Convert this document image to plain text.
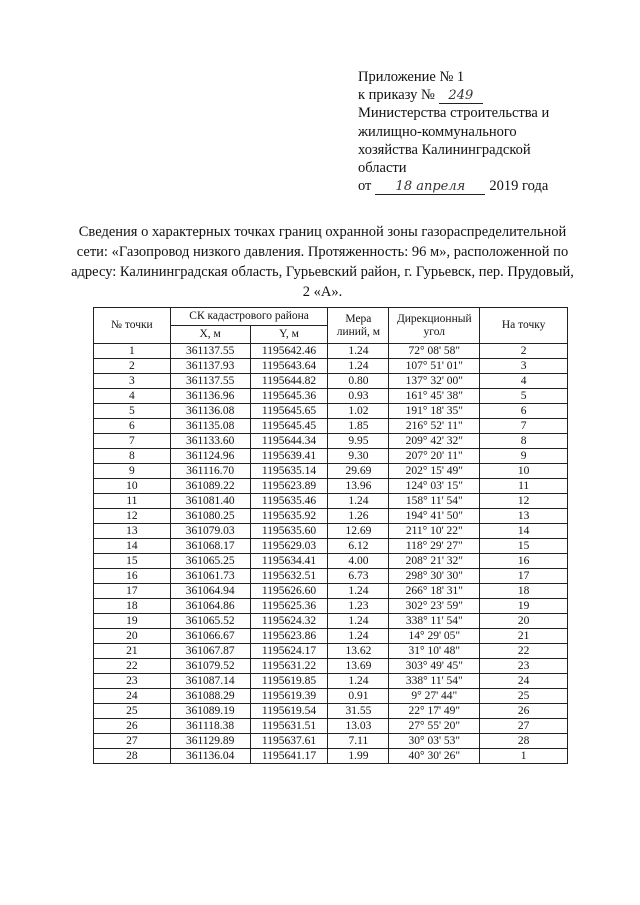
Приложение № 1
к приказу № 249
Министерства строительства и
жилищно-коммунального
хозяйства Калининградской
области
от 18 апреля 2019 года
Сведения о характерных точках границ охранной зоны газораспределительной сети: «Газопровод низкого давления. Протяженность: 96 м», расположенной по адресу: Калининградская область, Гурьевский район, г. Гурьевск, пер. Прудовый, 2 «А».
№ точки	СК кадастрового района		Мера линий, м	Дирекционный угол	На точку
	X, м	Y, м			
1	361137.55	1195642.46	1.24	72° 08' 58"	2
2	361137.93	1195643.64	1.24	107° 51' 01"	3
3	361137.55	1195644.82	0.80	137° 32' 00"	4
4	361136.96	1195645.36	0.93	161° 45' 38"	5
5	361136.08	1195645.65	1.02	191° 18' 35"	6
6	361135.08	1195645.45	1.85	216° 52' 11"	7
7	361133.60	1195644.34	9.95	209° 42' 32"	8
8	361124.96	1195639.41	9.30	207° 20' 11"	9
9	361116.70	1195635.14	29.69	202° 15' 49"	10
10	361089.22	1195623.89	13.96	124° 03' 15"	11
11	361081.40	1195635.46	1.24	158° 11' 54"	12
12	361080.25	1195635.92	1.26	194° 41' 50"	13
13	361079.03	1195635.60	12.69	211° 10' 22"	14
14	361068.17	1195629.03	6.12	118° 29' 27"	15
15	361065.25	1195634.41	4.00	208° 21' 32"	16
16	361061.73	1195632.51	6.73	298° 30' 30"	17
17	361064.94	1195626.60	1.24	266° 18' 31"	18
18	361064.86	1195625.36	1.23	302° 23' 59"	19
19	361065.52	1195624.32	1.24	338° 11' 54"	20
20	361066.67	1195623.86	1.24	14° 29' 05"	21
21	361067.87	1195624.17	13.62	31° 10' 48"	22
22	361079.52	1195631.22	13.69	303° 49' 45"	23
23	361087.14	1195619.85	1.24	338° 11' 54"	24
24	361088.29	1195619.39	0.91	9° 27' 44"	25
25	361089.19	1195619.54	31.55	22° 17' 49"	26
26	361118.38	1195631.51	13.03	27° 55' 20"	27
27	361129.89	1195637.61	7.11	30° 03' 53"	28
28	361136.04	1195641.17	1.99	40° 30' 26"	1
